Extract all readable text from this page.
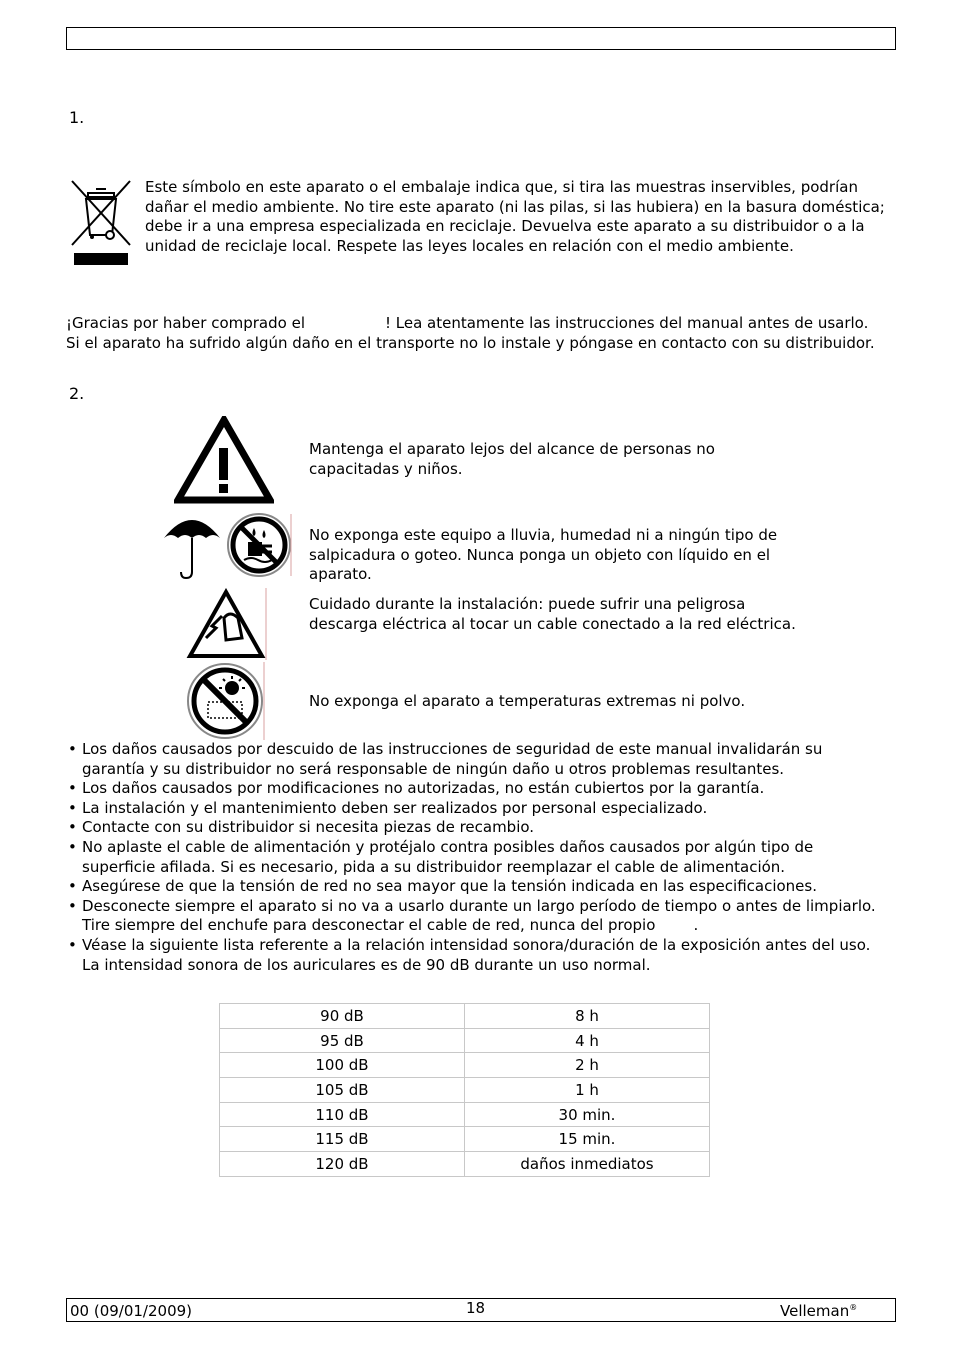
1.
Este símbolo en este aparato o el embalaje indica que, si tira las muestras inservibles, podrían dañar el medio ambiente. No tire este aparato (ni las pilas, si las hubiera) en la basura doméstica; debe ir a una empresa especializada en reciclaje. Devuelva este aparato a su distribuidor o a la unidad de reciclaje local. Respete las leyes locales en relación con el medio ambiente.
¡Gracias por haber comprado el	! Lea atentamente las instrucciones del manual antes de usarlo. Si el aparato ha sufrido algún daño en el transporte no lo instale y póngase en contacto con su distribuidor.
2.
Mantenga el aparato lejos del alcance de personas no capacitadas y niños.
No exponga este equipo a lluvia, humedad ni a ningún tipo de salpicadura o goteo. Nunca ponga un objeto con líquido en el aparato.
Cuidado durante la instalación: puede sufrir una peligrosa descarga eléctrica al tocar un cable conectado a la red eléctrica.
No exponga el aparato a temperaturas extremas ni polvo.
• Los daños causados por descuido de las instrucciones de seguridad de este manual invalidarán su garantía y su distribuidor no será responsable de ningún daño u otros problemas resultantes.
• Los daños causados por modificaciones no autorizadas, no están cubiertos por la garantía.
• La instalación y el mantenimiento deben ser realizados por personal especializado.
• Contacte con su distribuidor si necesita piezas de recambio.
• No aplaste el cable de alimentación y protéjalo contra posibles daños causados por algún tipo de superficie afilada. Si es necesario, pida a su distribuidor reemplazar el cable de alimentación.
• Asegúrese de que la tensión de red no sea mayor que la tensión indicada en las especificaciones.
• Desconecte siempre el aparato si no va a usarlo durante un largo período de tiempo o antes de limpiarlo. Tire siempre del enchufe para desconectar el cable de red, nunca del propio        .
• Véase la siguiente lista referente a la relación intensidad sonora/duración de la exposición antes del uso. La intensidad sonora de los auriculares es de 90 dB durante un uso normal.
90 dB	8 h
95 dB	4 h
100 dB	2 h
105 dB	1 h
110 dB	30 min.
115 dB	15 min.
120 dB	daños inmediatos
00 (09/01/2009)	18	Velleman®
